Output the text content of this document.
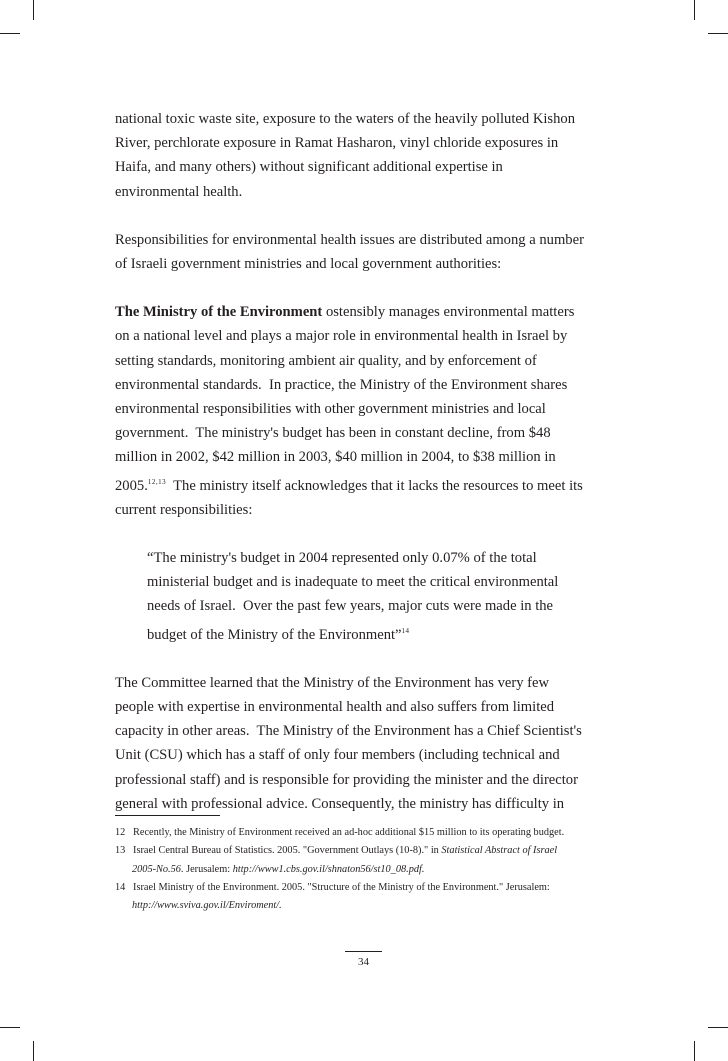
national toxic waste site, exposure to the waters of the heavily polluted Kishon
River, perchlorate exposure in Ramat Hasharon, vinyl chloride exposures in
Haifa, and many others) without significant additional expertise in
environmental health.
Responsibilities for environmental health issues are distributed among a number
of Israeli government ministries and local government authorities:
The Ministry of the Environment ostensibly manages environmental matters
on a national level and plays a major role in environmental health in Israel by
setting standards, monitoring ambient air quality, and by enforcement of
environmental standards.  In practice, the Ministry of the Environment shares
environmental responsibilities with other government ministries and local
government.  The ministry's budget has been in constant decline, from $48
million in 2002, $42 million in 2003, $40 million in 2004, to $38 million in
2005.$^{12,13}$  The ministry itself acknowledges that it lacks the resources to meet its
current responsibilities:
“The ministry's budget in 2004 represented only 0.07% of the total
ministerial budget and is inadequate to meet the critical environmental
needs of Israel.  Over the past few years, major cuts were made in the
budget of the Ministry of the Environment”$^{14}$
The Committee learned that the Ministry of the Environment has very few
people with expertise in environmental health and also suffers from limited
capacity in other areas.  The Ministry of the Environment has a Chief Scientist's
Unit (CSU) which has a staff of only four members (including technical and
professional staff) and is responsible for providing the minister and the director
general with professional advice. Consequently, the ministry has difficulty in
12   Recently, the Ministry of Environment received an ad-hoc additional $15 million to its operating budget.
13   Israel Central Bureau of Statistics. 2005. "Government Outlays (10-8)." in Statistical Abstract of Israel
2005-No.56. Jerusalem: http://www1.cbs.gov.il/shnaton56/st10_08.pdf.
14   Israel Ministry of the Environment. 2005. "Structure of the Ministry of the Environment." Jerusalem:
http://www.sviva.gov.il/Enviroment/.
34
